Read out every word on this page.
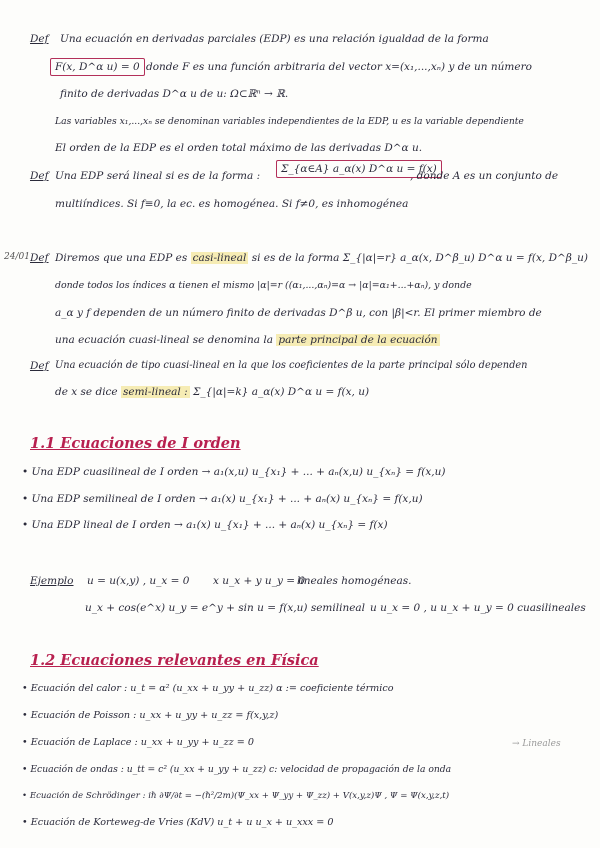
Def Una ecuación en derivadas parciales (EDP) es una relación igualdad de la forma
F(x, D^α u) = 0 donde F es una función arbitraria del vector x=(x₁,...,xₙ) y de un número
finito de derivadas D^α u de u: Ω⊂ℝⁿ → ℝ.
Las variables x₁,...,xₙ se denominan variables independientes de la EDP, u es la variable dependiente
El orden de la EDP es el orden total máximo de las derivadas D^α u.
Def Una EDP será lineal si es de la forma :
Σ_{α∈A} a_α(x) D^α u = f(x)
, donde A es un conjunto de
multiíndices. Si f≡0, la ec. es homogénea. Si f≠0, es inhomogénea
24/01 Def Diremos que una EDP es casi-lineal si es de la forma Σ_{|α|=r} a_α(x, D^β_u) D^α u = f(x, D^β_u)
donde todos los índices α tienen el mismo |α|=r ((α₁,...,αₙ)=α → |α|=α₁+...+αₙ), y donde
a_α y f dependen de un número finito de derivadas D^β u, con |β|<r. El primer miembro de
una ecuación cuasi-lineal se denomina la parte principal de la ecuación
Def Una ecuación de tipo cuasi-lineal en la que los coeficientes de la parte principal sólo dependen
de x se dice semi-lineal : Σ_{|α|=k} a_α(x) D^α u = f(x, u)
1.1 Ecuaciones de I orden
• Una EDP cuasilineal de I orden → a₁(x,u) u_{x₁} + ... + aₙ(x,u) u_{xₙ} = f(x,u)
• Una EDP semilineal de I orden → a₁(x) u_{x₁} + ... + aₙ(x) u_{xₙ} = f(x,u)
• Una EDP lineal de I orden → a₁(x) u_{x₁} + ... + aₙ(x) u_{xₙ} = f(x)
Ejemplo u = u(x,y) , u_x = 0 x u_x + y u_y = 0
lineales homogéneas.
u_x + cos(e^x) u_y = e^y + sin u = f(x,u) semilineal u u_x = 0 , u u_x + u_y = 0 cuasilineales
1.2 Ecuaciones relevantes en Física
• Ecuación del calor : u_t = α² (u_xx + u_yy + u_zz) α := coeficiente térmico
• Ecuación de Poisson : u_xx + u_yy + u_zz = f(x,y,z)
• Ecuación de Laplace : u_xx + u_yy + u_zz = 0	→ Lineales
• Ecuación de ondas : u_tt = c² (u_xx + u_yy + u_zz) c: velocidad de propagación de la onda
• Ecuación de Schrödinger : iℏ ∂Ψ/∂t = −(ℏ²/2m)(Ψ_xx + Ψ_yy + Ψ_zz) + V(x,y,z)Ψ , Ψ = Ψ(x,y,z,t)
• Ecuación de Korteweg-de Vries (KdV) u_t + u u_x + u_xxx = 0
